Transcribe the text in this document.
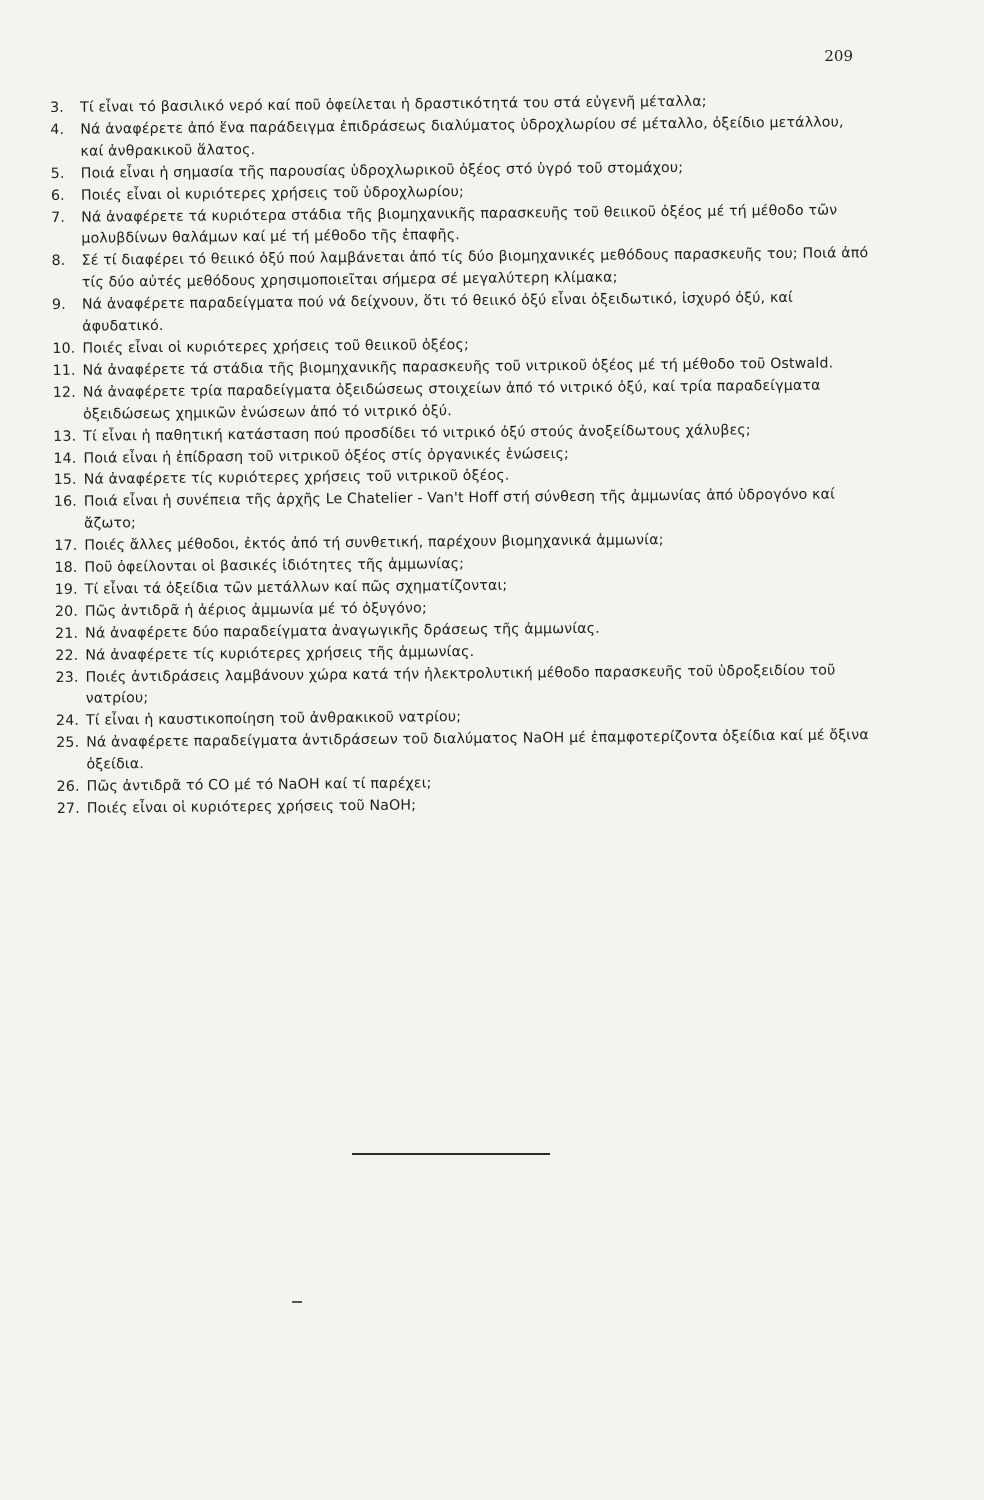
209
3.	Τί εἶναι τό βασιλικό νερό καί ποῦ ὀφείλεται ἡ δραστικότητά του στά εὐγενῆ μέταλλα;
4.	Νά ἀναφέρετε ἀπό ἕνα παράδειγμα ἐπιδράσεως διαλύματος ὑδροχλωρίου σέ μέταλλο, ὀξείδιο μετάλλου, καί ἀνθρακικοῦ ἅλατος.
5.	Ποιά εἶναι ἡ σημασία τῆς παρουσίας ὑδροχλωρικοῦ ὀξέος στό ὑγρό τοῦ στομάχου;
6.	Ποιές εἶναι οἱ κυριότερες χρήσεις τοῦ ὑδροχλωρίου;
7.	Νά ἀναφέρετε τά κυριότερα στάδια τῆς βιομηχανικῆς παρασκευῆς τοῦ θειικοῦ ὀξέος μέ τή μέθοδο τῶν μολυβδίνων θαλάμων καί μέ τή μέθοδο τῆς ἐπαφῆς.
8.	Σέ τί διαφέρει τό θειικό ὀξύ πού λαμβάνεται ἀπό τίς δύο βιομηχανικές μεθόδους παρασκευῆς του; Ποιά ἀπό τίς δύο αὐτές μεθόδους χρησιμοποιεῖται σήμερα σέ μεγαλύτερη κλίμακα;
9.	Νά ἀναφέρετε παραδείγματα πού νά δείχνουν, ὅτι τό θειικό ὀξύ εἶναι ὀξειδωτικό, ἰσχυρό ὀξύ, καί ἀφυδατικό.
10. Ποιές εἶναι οἱ κυριότερες χρήσεις τοῦ θειικοῦ ὀξέος;
11. Νά ἀναφέρετε τά στάδια τῆς βιομηχανικῆς παρασκευῆς τοῦ νιτρικοῦ ὀξέος μέ τή μέθοδο τοῦ Ostwald.
12. Νά ἀναφέρετε τρία παραδείγματα ὀξειδώσεως στοιχείων ἀπό τό νιτρικό ὀξύ, καί τρία παραδείγματα ὀξειδώσεως χημικῶν ἑνώσεων ἀπό τό νιτρικό ὀξύ.
13. Τί εἶναι ἡ παθητική κατάσταση πού προσδίδει τό νιτρικό ὀξύ στούς ἀνοξείδωτους χάλυβες;
14. Ποιά εἶναι ἡ ἐπίδραση τοῦ νιτρικοῦ ὀξέος στίς ὀργανικές ἑνώσεις;
15. Νά ἀναφέρετε τίς κυριότερες χρήσεις τοῦ νιτρικοῦ ὀξέος.
16. Ποιά εἶναι ἡ συνέπεια τῆς ἀρχῆς Le Chatelier - Van't Hoff στή σύνθεση τῆς ἀμμωνίας ἀπό ὑδρογόνο καί ἄζωτο;
17. Ποιές ἄλλες μέθοδοι, ἐκτός ἀπό τή συνθετική, παρέχουν βιομηχανικά ἀμμωνία;
18. Ποῦ ὀφείλονται οἱ βασικές ἰδιότητες τῆς ἀμμωνίας;
19. Τί εἶναι τά ὀξείδια τῶν μετάλλων καί πῶς σχηματίζονται;
20. Πῶς ἀντιδρᾶ ἡ ἀέριος ἀμμωνία μέ τό ὀξυγόνο;
21. Νά ἀναφέρετε δύο παραδείγματα ἀναγωγικῆς δράσεως τῆς ἀμμωνίας.
22. Νά ἀναφέρετε τίς κυριότερες χρήσεις τῆς ἀμμωνίας.
23. Ποιές ἀντιδράσεις λαμβάνουν χώρα κατά τήν ἠλεκτρολυτική μέθοδο παρασκευῆς τοῦ ὑδροξειδίου τοῦ νατρίου;
24. Τί εἶναι ἡ καυστικοποίηση τοῦ ἀνθρακικοῦ νατρίου;
25. Νά ἀναφέρετε παραδείγματα ἀντιδράσεων τοῦ διαλύματος NaOH μέ ἐπαμφοτερίζοντα ὀξείδια καί μέ ὄξινα ὀξείδια.
26. Πῶς ἀντιδρᾶ τό CO μέ τό NaOH καί τί παρέχει;
27. Ποιές εἶναι οἱ κυριότερες χρήσεις τοῦ NaOH;
